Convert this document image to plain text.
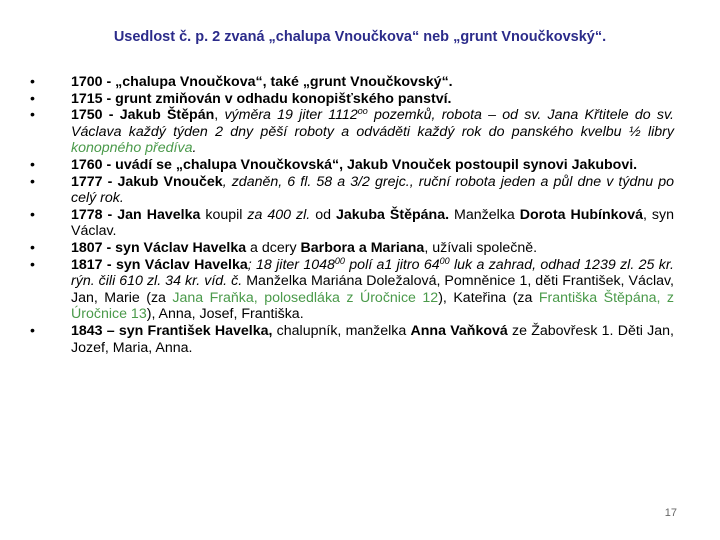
Usedlost č. p. 2 zvaná „chalupa Vnoučkova“ neb „grunt Vnoučkovský“.
•	1700 - „chalupa Vnoučkova“, také „grunt Vnoučkovský“.
•	1715 - grunt zmiňován v odhadu konopišťského panství.
•	1750 - Jakub Štěpán, výměra 19 jiter $1112^{oo}$ pozemků, robota – od sv. Jana Křtitele do sv. Václava každý týden 2 dny pěší roboty a odváděti každý rok do panského kvelbu ½ libry konopného předíva.
•	1760 - uvádí se „chalupa Vnoučkovská“, Jakub Vnouček postoupil synovi Jakubovi.
•	1777 - Jakub Vnouček, zdaněn, 6 fl. 58 a 3/2 grejc., ruční robota jeden a půl dne v týdnu po celý rok.
•	1778 - Jan Havelka koupil za 400 zl. od Jakuba Štěpána. Manželka Dorota Hubínková, syn Václav.
•	1807 - syn Václav Havelka a dcery Barbora a Mariana, užívali společně.
•	1817 - syn Václav Havelka; 18 jiter 1048$^{00}$ polí a1 jitro $64^{00}$ luk a zahrad, odhad 1239 zl. 25 kr. rýn. čili 610 zl. 34 kr. víd. č. Manželka Mariána Doležalová, Pomněnice 1, děti František, Václav, Jan, Marie (za Jana Fraňka, polosedláka z Úročnice 12), Kateřina (za Františka Štěpána, z Úročnice 13), Anna, Josef, Františka.
•	1843 – syn František Havelka, chalupník, manželka Anna Vaňková ze Žabovřesk 1. Děti Jan, Jozef, Maria, Anna.
17
